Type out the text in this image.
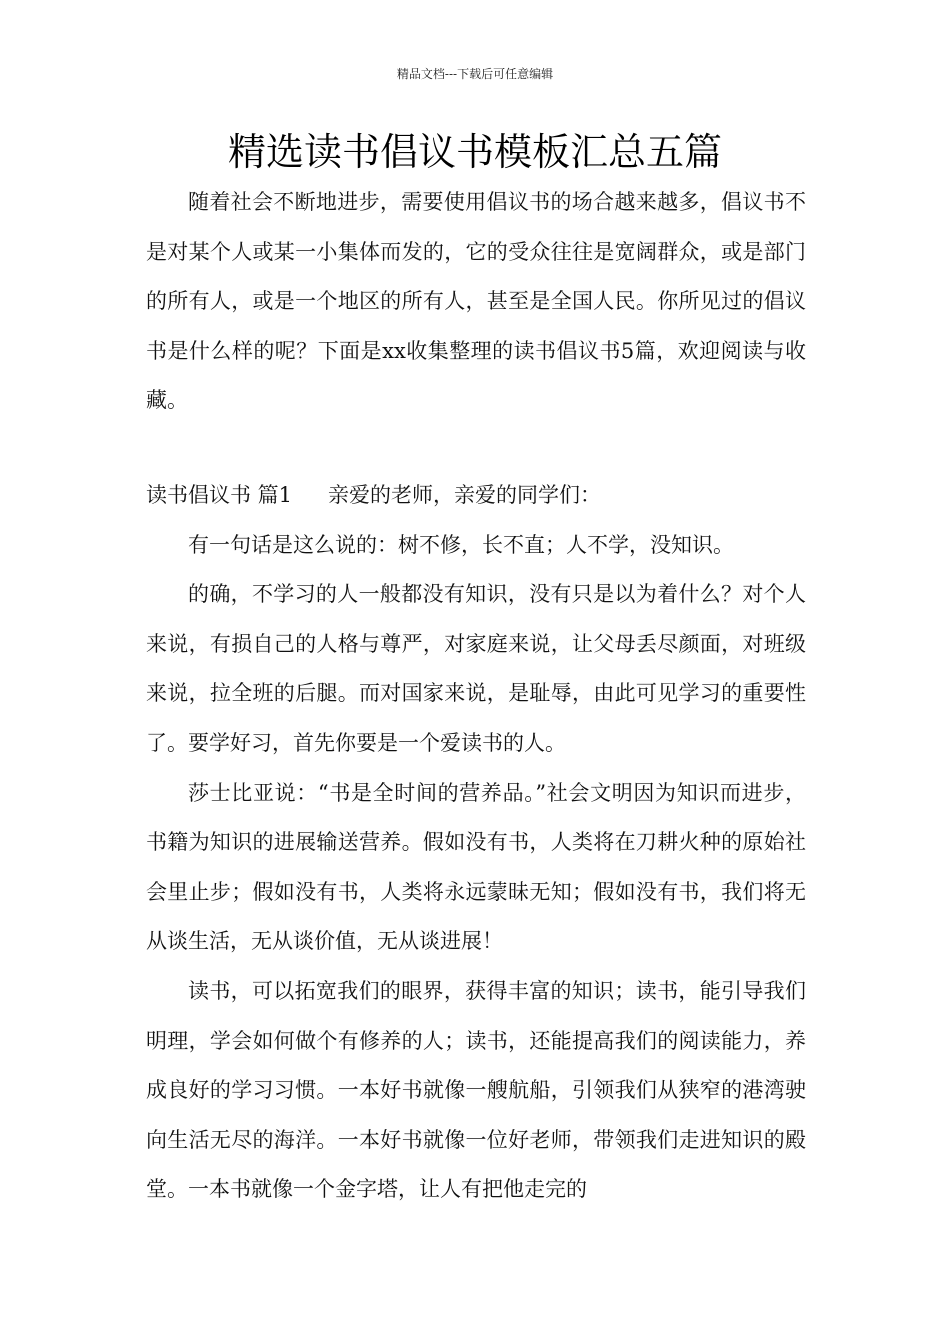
精品文档---下载后可任意编辑
精选读书倡议书模板汇总五篇

随着社会不断地进步，需要使用倡议书的场合越来越多，倡议书不是对某个人或某一小集体而发的，它的受众往往是宽阔群众，或是部门的所有人，或是一个地区的所有人，甚至是全国人民。你所见过的倡议书是什么样的呢？下面是xx收集整理的读书倡议书5篇，欢迎阅读与收藏。

读书倡议书 篇1 亲爱的老师，亲爱的同学们：

有一句话是这么说的：树不修，长不直；人不学，没知识。

的确，不学习的人一般都没有知识，没有只是以为着什么？对个人来说，有损自己的人格与尊严，对家庭来说，让父母丢尽颜面，对班级来说，拉全班的后腿。而对国家来说，是耻辱，由此可见学习的重要性了。要学好习，首先你要是一个爱读书的人。

莎士比亚说：“书是全时间的营养品。”社会文明因为知识而进步，书籍为知识的进展输送营养。假如没有书，人类将在刀耕火种的原始社会里止步；假如没有书，人类将永远蒙昧无知；假如没有书，我们将无从谈生活，无从谈价值，无从谈进展！

读书，可以拓宽我们的眼界，获得丰富的知识；读书，能引导我们明理，学会如何做个有修养的人；读书，还能提高我们的阅读能力，养成良好的学习习惯。一本好书就像一艘航船，引领我们从狭窄的港湾驶向生活无尽的海洋。一本好书就像一位好老师，带领我们走进知识的殿堂。一本书就像一个金字塔，让人有把他走完的
